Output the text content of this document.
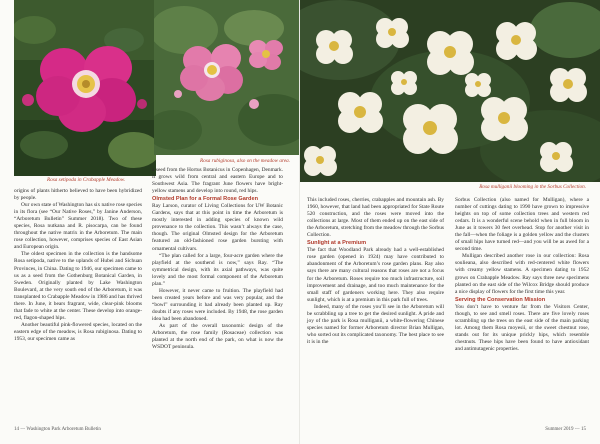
Rosa setipoda in Crabapple Meadow.
Rosa rubiginosa, also on the meadow area.

origins of plants hitherto believed to have been hybridized by people.

Our own state of Washington has six native rose species in its flora (see “Our Native Roses,” by Janine Anderson, “Arboretum Bulletin” Summer 2018). Two of these species, Rosa nutkana and R. pisocarpa, can be found throughout the native matrix in the Arboretum. The main rose collection, however, comprises species of East Asian and European origin.

The oldest specimen in the collection is the handsome Rosa setipoda, native to the uplands of Hubei and Sichuan Provinces, in China. Dating to 1946, our specimen came to us as a seed from the Gothenburg Botanical Garden, in Sweden. Originally planted by Lake Washington Boulevard, at the very south end of the Arboretum, it was transplanted to Crabapple Meadow in 1986 and has thrived there. In June, it bears fragrant, wide, clear-pink blooms that fade to white at the center. These develop into orange-red, flagon-shaped hips.

Another beautiful pink-flowered species, located on the eastern edge of the meadow, is Rosa rubiginosa. Dating to 1953, our specimen came as

a seed from the Hortus Botanicus in Copenhagen, Denmark. It grows wild from central and eastern Europe and to Southwest Asia. The fragrant June flowers have bright-yellow stamens and develop into round, red hips.

Olmsted Plan for a Formal Rose Garden

Ray Larson, curator of Living Collections for UW Botanic Gardens, says that at this point in time the Arboretum is mostly interested in adding species of known wild provenance to the collection. This wasn’t always the case, though. The original Olmsted design for the Arboretum featured an old-fashioned rose garden bursting with ornamental cultivars.

“The plan called for a large, four-acre garden where the playfield at the southend is now,” says Ray. “The symmetrical design, with its axial pathways, was quite lovely and the most formal component of the Arboretum plan.”

However, it never came to fruition. The playfield had been created years before and was very popular, and the “bowl” surrounding it had already been planted up. Ray doubts if any roses were included. By 1948, the rose garden idea had been abandoned.

As part of the overall taxonomic design of the Arboretum, the rose family (Rosaceae) collection was planted at the north end of the park, on what is now the WSDOT peninsula.

14 ⁓ Washington Park Arboretum Bulletin
Rosa mulliganii blooming in the Sorbus Collection.

This included roses, cherries, crabapples and mountain ash. By 1960, however, that land had been appropriated for State Route 520 construction, and the roses were moved into the collections at large. Most of them ended up on the east side of the Arboretum, stretching from the meadow through the Sorbus Collection.

Sunlight at a Premium

The fact that Woodland Park already had a well-established rose garden (opened in 1924) may have contributed to abandonment of the Arboretum’s rose garden plans. Ray also says there are many cultural reasons that roses are not a focus for the Arboretum. Roses require too much infrastructure, soil improvement and drainage, and too much maintenance for the small staff of gardeners working here. They also require sunlight, which is at a premium in this park full of trees.

Indeed, many of the roses you’ll see in the Arboretum will be scrabbling up a tree to get the desired sunlight. A pride and joy of the park is Rosa mulliganii, a white-flowering Chinese species named for former Arboretum director Brian Mulligan, who sorted out its complicated taxonomy. The best place to see it is in the

Sorbus Collection (also named for Mulligan), where a number of cuttings dating to 1990 have grown to impressive heights on top of some collection trees and western red cedars. It is a wonderful scene behold when in full bloom in June as it towers 30 feet overhead. Stop for another visit in the fall—when the foliage is a golden yellow and the clusters of small hips have turned red—and you will be as awed for a second time.

Mulligan described another rose in our collection: Rosa soulieana, also described with red-centered white flowers with creamy yellow stamens. A specimen dating to 1952 grows on Crabapple Meadow. Ray says three new specimens planted on the east side of the Wilcox Bridge should produce a nice display of flowers for the first time this year.

Serving the Conservation Mission

You don’t have to venture far from the Visitors Center, though, to see and smell roses. There are five lovely roses scrambling up the trees on the east side of the main parking lot. Among them Rosa moyesii, or the sweet chestnut rose, stands out for its unique prickly hips, which resemble chestnuts. These hips have been found to have antioxidant and antimutagenic properties.

Summer 2019 ⁓ 15
